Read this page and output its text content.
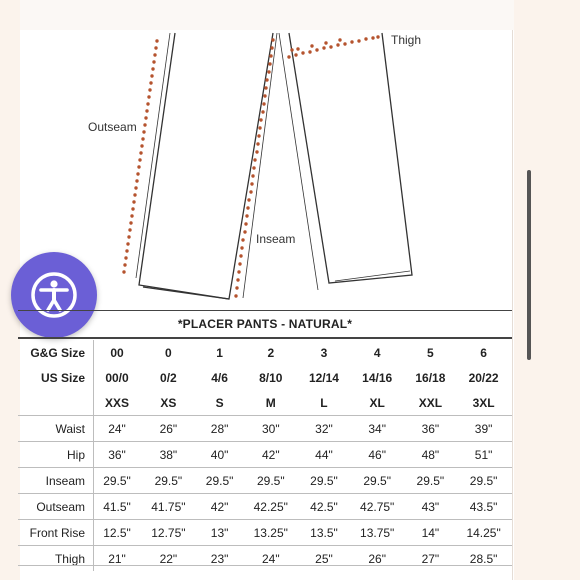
Outseam
Inseam
Thigh
*PLACER PANTS - NATURAL*
G&G Size	00	0	1	2	3	4	5	6
US Size	00/0	0/2	4/6	8/10	12/14	14/16	16/18	20/22
	XXS	XS	S	M	L	XL	XXL	3XL
Waist	24"	26"	28"	30"	32"	34"	36"	39"
Hip	36"	38"	40"	42"	44"	46"	48"	51"
Inseam	29.5"	29.5"	29.5"	29.5"	29.5"	29.5"	29.5"	29.5"
Outseam	41.5"	41.75"	42"	42.25"	42.5"	42.75"	43"	43.5"
Front Rise	12.5"	12.75"	13"	13.25"	13.5"	13.75"	14"	14.25"
Thigh	21"	22"	23"	24"	25"	26"	27"	28.5"
